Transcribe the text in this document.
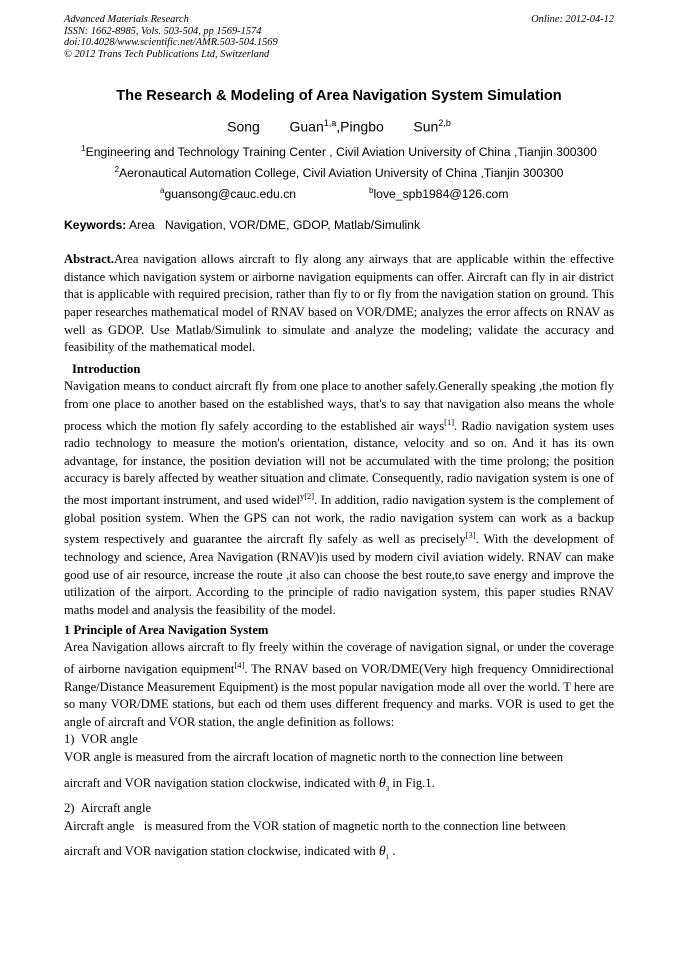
Advanced Materials Research
ISSN: 1662-8985, Vols. 503-504, pp 1569-1574
doi:10.4028/www.scientific.net/AMR.503-504.1569
© 2012 Trans Tech Publications Ltd, Switzerland
Online: 2012-04-12
The Research & Modeling of Area Navigation System Simulation
Song   Guan$^{1,a}$,Pingbo   Sun$^{2,b}$
$^1$Engineering and Technology Training Center , Civil Aviation University of China ,Tianjin 300300
$^2$Aeronautical Automation College, Civil Aviation University of China ,Tianjin 300300
$^a$guansong@cauc.edu.cn	$^b$love_spb1984@126.com
Keywords: Area   Navigation, VOR/DME, GDOP, Matlab/Simulink

Abstract.Area navigation allows aircraft to fly along any airways that are applicable within the effective distance which navigation system or airborne navigation equipments can offer. Aircraft can fly in air district that is applicable with required precision, rather than fly to or fly from the navigation station on ground. This paper researches mathematical model of RNAV based on VOR/DME; analyzes the error affects on RNAV as well as GDOP. Use Matlab/Simulink to simulate and analyze the modeling; validate the accuracy and feasibility of the mathematical model.

Introduction

Navigation means to conduct aircraft fly from one place to another safely.Generally speaking ,the motion fly from one place to another based on the established ways, that's to say that navigation also means the whole process which the motion fly safely according to the established air ways[1]. Radio navigation system uses radio technology to measure the motion's orientation, distance, velocity and so on. And it has its own advantage, for instance, the position deviation will not be accumulated with the time prolong; the position accuracy is barely affected by weather situation and climate. Consequently, radio navigation system is one of the most important instrument, and used widel$^{y[2]}$. In addition, radio navigation system is the complement of global position system. When the GPS can not work, the radio navigation system can work as a backup system respectively and guarantee the aircraft fly safely as well as precisely[3]. With the development of technology and science, Area Navigation (RNAV)is used by modern civil aviation widely. RNAV can make good use of air resource, increase the route ,it also can choose the best route,to save energy and improve the utilization of the airport. According to the principle of radio navigation system, this paper studies RNAV maths model and analysis the feasibility of the model.

1 Principle of Area Navigation System

Area Navigation allows aircraft to fly freely within the coverage of navigation signal, or under the coverage of airborne navigation equipment[4]. The RNAV based on VOR/DME(Very high frequency Omnidirectional Range/Distance Measurement Equipment) is the most popular navigation mode all over the world. T here are so many VOR/DME stations, but each od them uses different frequency and marks. VOR is used to get the angle of aircraft and VOR station, the angle definition as follows:

1)  VOR angle

VOR angle is measured from the aircraft location of magnetic north to the connection line between

aircraft and VOR navigation station clockwise, indicated with $\theta_3$ in Fig.1.
2)  Aircraft angle

Aircraft angle   is measured from the VOR station of magnetic north to the connection line between

aircraft and VOR navigation station clockwise, indicated with $\theta_1$ .
